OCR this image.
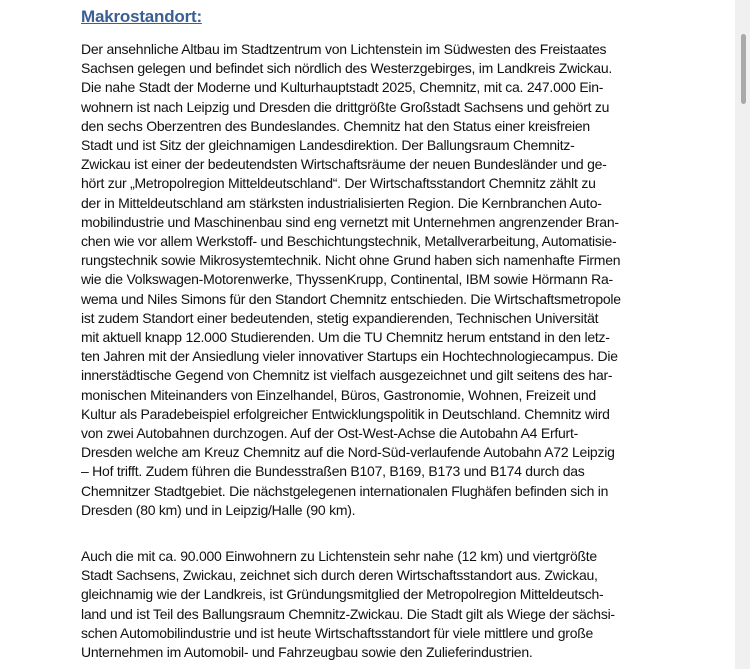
Makrostandort:

Der ansehnliche Altbau im Stadtzentrum von Lichtenstein im Südwesten des Freistaates
Sachsen gelegen und befindet sich nördlich des Westerzgebirges, im Landkreis Zwickau.
Die nahe Stadt der Moderne und Kulturhauptstadt 2025, Chemnitz, mit ca. 247.000 Ein-
wohnern ist nach Leipzig und Dresden die drittgrößte Großstadt Sachsens und gehört zu
den sechs Oberzentren des Bundeslandes. Chemnitz hat den Status einer kreisfreien
Stadt und ist Sitz der gleichnamigen Landesdirektion. Der Ballungsraum Chemnitz-
Zwickau ist einer der bedeutendsten Wirtschaftsräume der neuen Bundesländer und ge-
hört zur „Metropolregion Mitteldeutschland“. Der Wirtschaftsstandort Chemnitz zählt zu
der in Mitteldeutschland am stärksten industrialisierten Region. Die Kernbranchen Auto-
mobilindustrie und Maschinenbau sind eng vernetzt mit Unternehmen angrenzender Bran-
chen wie vor allem Werkstoff- und Beschichtungstechnik, Metallverarbeitung, Automatisie-
rungstechnik sowie Mikrosystemtechnik. Nicht ohne Grund haben sich namenhafte Firmen
wie die Volkswagen-Motorenwerke, ThyssenKrupp, Continental, IBM sowie Hörmann Ra-
wema und Niles Simons für den Standort Chemnitz entschieden. Die Wirtschaftsmetropole
ist zudem Standort einer bedeutenden, stetig expandierenden, Technischen Universität
mit aktuell knapp 12.000 Studierenden. Um die TU Chemnitz herum entstand in den letz-
ten Jahren mit der Ansiedlung vieler innovativer Startups ein Hochtechnologiecampus. Die
innerstädtische Gegend von Chemnitz ist vielfach ausgezeichnet und gilt seitens des har-
monischen Miteinanders von Einzelhandel, Büros, Gastronomie, Wohnen, Freizeit und
Kultur als Paradebeispiel erfolgreicher Entwicklungspolitik in Deutschland. Chemnitz wird
von zwei Autobahnen durchzogen. Auf der Ost-West-Achse die Autobahn A4 Erfurt-
Dresden welche am Kreuz Chemnitz auf die Nord-Süd-verlaufende Autobahn A72 Leipzig
– Hof trifft. Zudem führen die Bundesstraßen B107, B169, B173 und B174 durch das
Chemnitzer Stadtgebiet. Die nächstgelegenen internationalen Flughäfen befinden sich in
Dresden (80 km) und in Leipzig/Halle (90 km).

Auch die mit ca. 90.000 Einwohnern zu Lichtenstein sehr nahe (12 km) und viertgrößte
Stadt Sachsens, Zwickau, zeichnet sich durch deren Wirtschaftsstandort aus. Zwickau,
gleichnamig wie der Landkreis, ist Gründungsmitglied der Metropolregion Mitteldeutsch-
land und ist Teil des Ballungsraum Chemnitz-Zwickau. Die Stadt gilt als Wiege der sächsi-
schen Automobilindustrie und ist heute Wirtschaftsstandort für viele mittlere und große
Unternehmen im Automobil- und Fahrzeugbau sowie den Zulieferindustrien.
